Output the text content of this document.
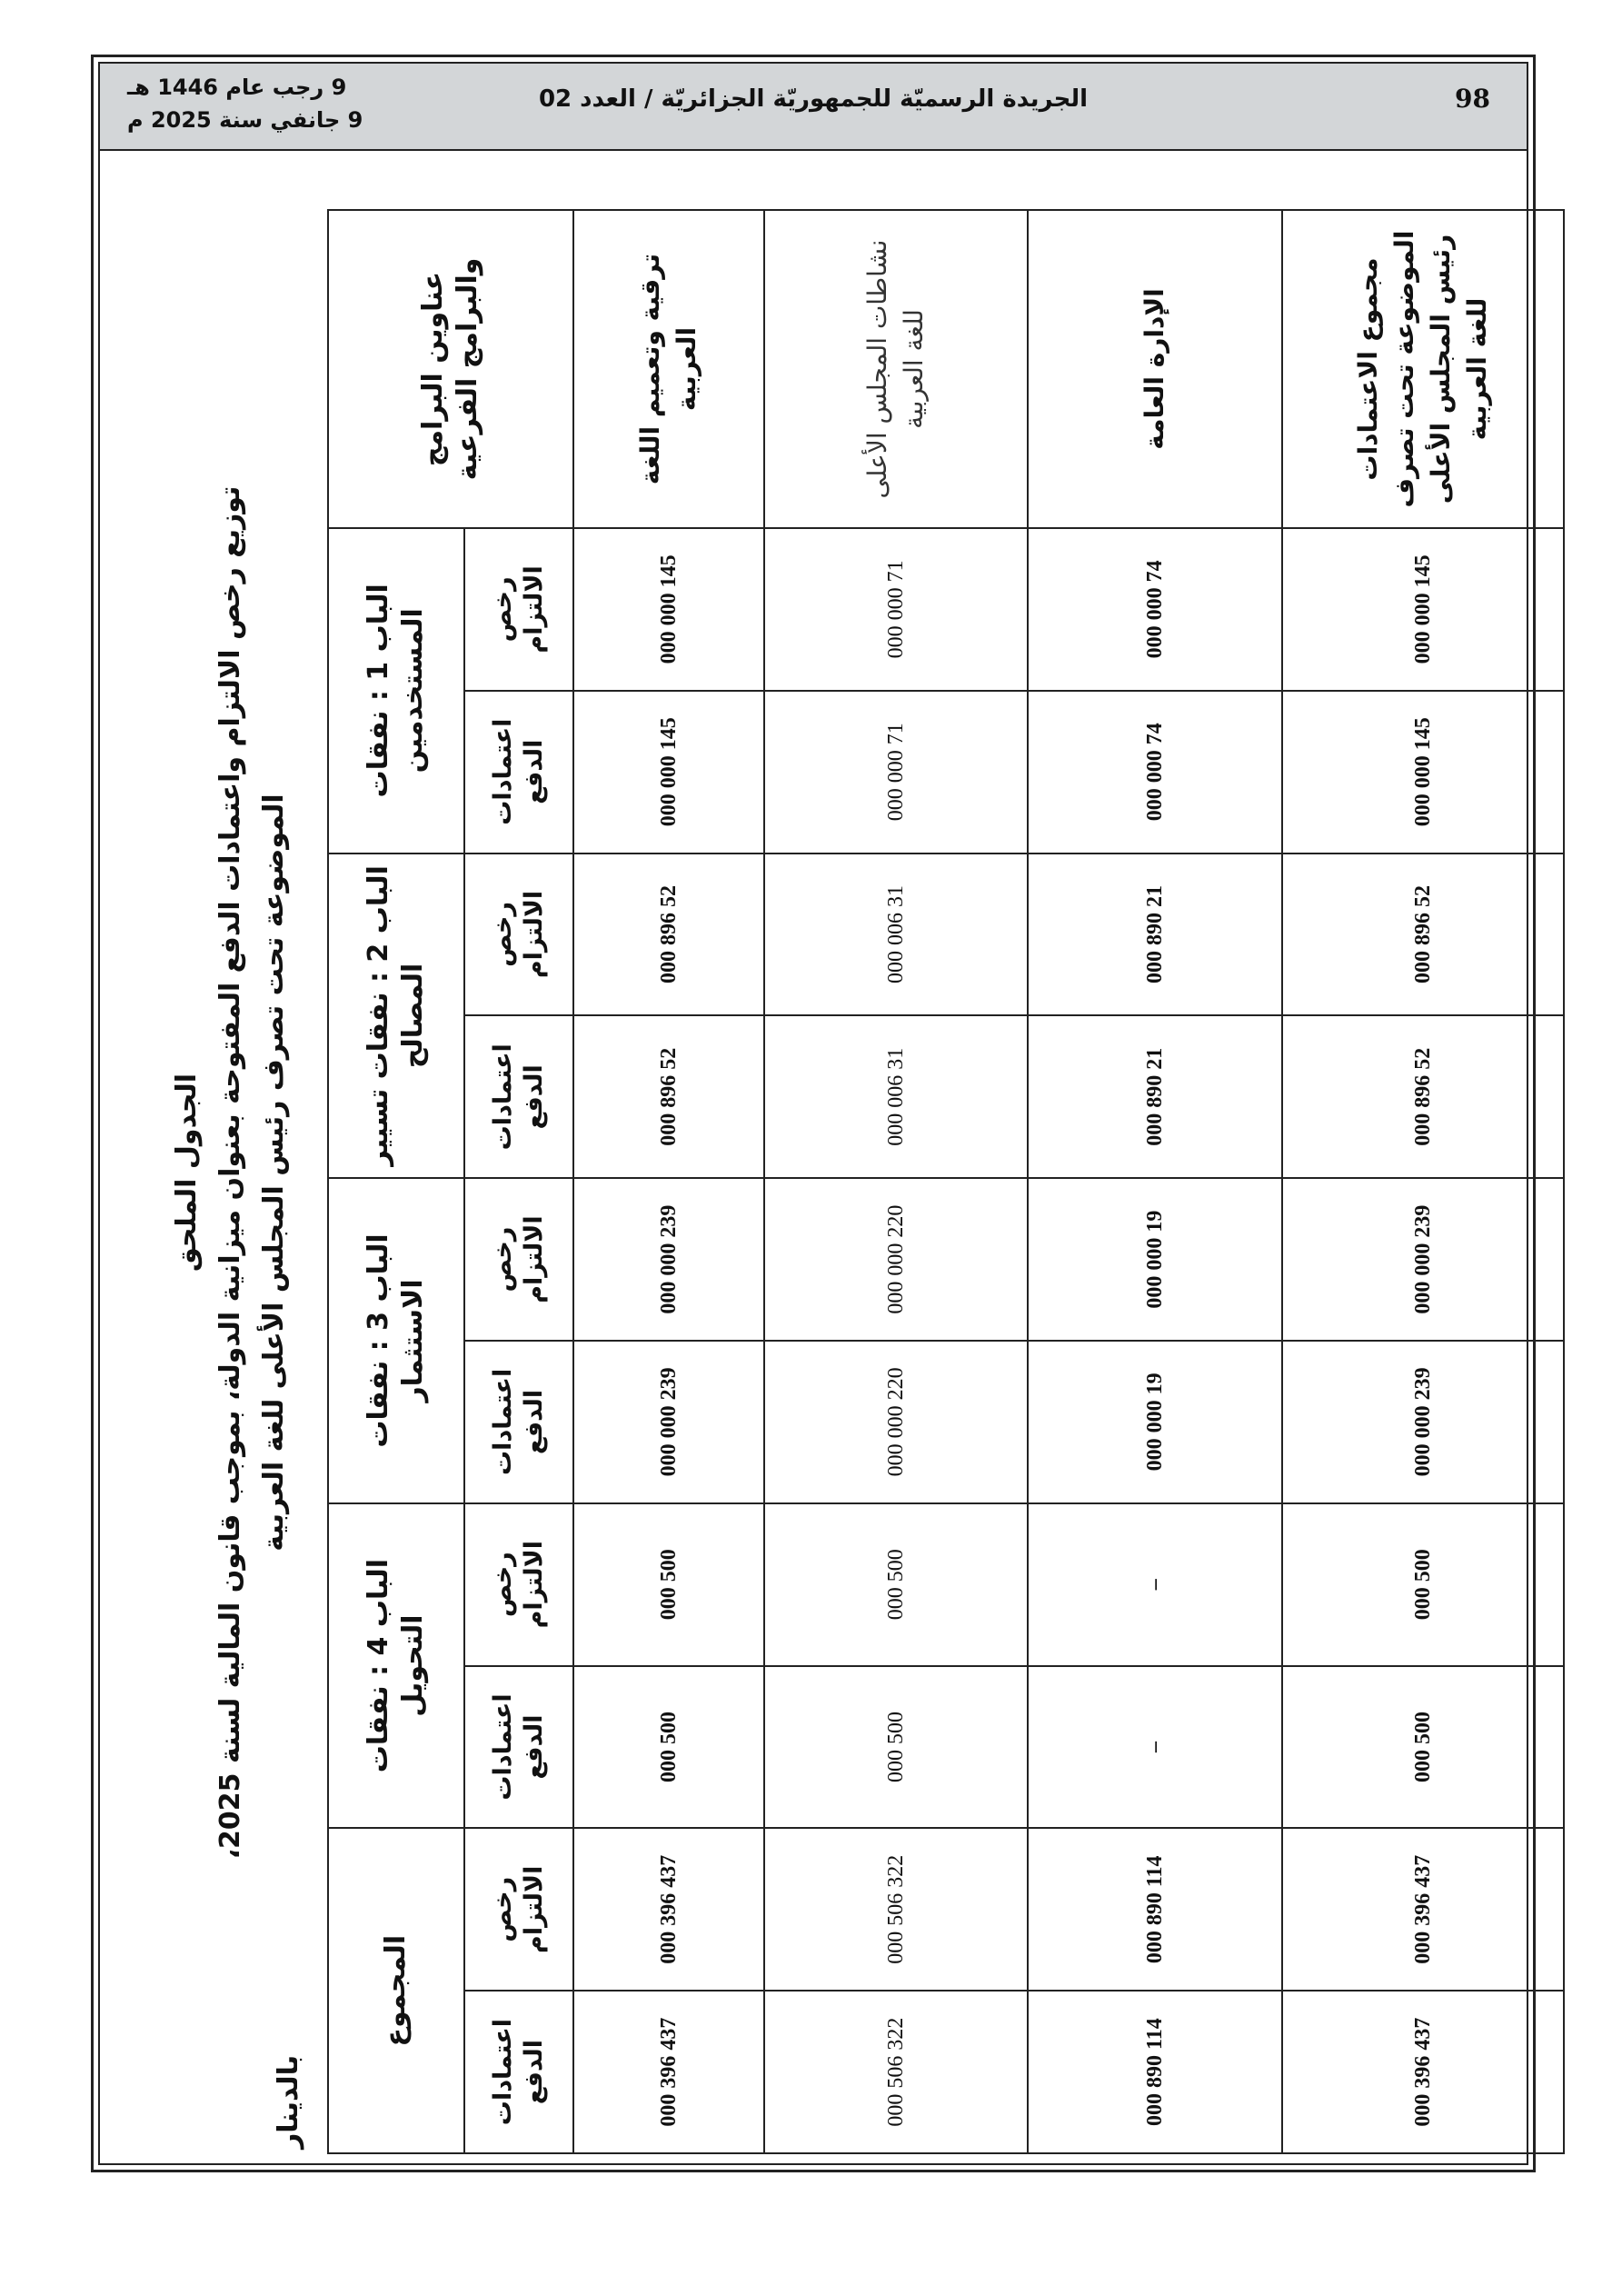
98
الجريدة الرسميّة للجمهوريّة الجزائريّة / العدد 02
9 رجب عام 1446 هـ
9 جانفي سنة 2025 م
الجدول الملحق
توزيع رخص الالتزام واعتمادات الدفع المفتوحة بعنوان ميزانية الدولة، بموجب قانون المالية لسنة 2025، الموضوعة تحت تصرف رئيس المجلس الأعلى للغة العربية
بالدينار
عناوين البرامج والبرامج الفرعية	الباب 1 : نفقات المستخدمين		الباب 2 : نفقات تسيير المصالح		الباب 3 : نفقات الاستثمار		الباب 4 : نفقات التحويل		المجموع	
	رخص الالتزام	اعتمادات الدفع	رخص الالتزام	اعتمادات الدفع	رخص الالتزام	اعتمادات الدفع	رخص الالتزام	اعتمادات الدفع	رخص الالتزام	اعتمادات الدفع
ترقية وتعميم اللغة العربية	145 000 000	145 000 000	52 896 000	52 896 000	239 000 000	239 000 000	500 000	500 000	437 396 000	437 396 000
نشاطات المجلس الأعلى للغة العربية	71 000 000	71 000 000	31 006 000	31 006 000	220 000 000	220 000 000	500 000	500 000	322 506 000	322 506 000
الإدارة العامة	74 000 000	74 000 000	21 890 000	21 890 000	19 000 000	19 000 000	–	–	114 890 000	114 890 000
مجموع الاعتمادات الموضوعة تحت تصرف رئيس المجلس الأعلى للغة العربية	145 000 000	145 000 000	52 896 000	52 896 000	239 000 000	239 000 000	500 000	500 000	437 396 000	437 396 000
